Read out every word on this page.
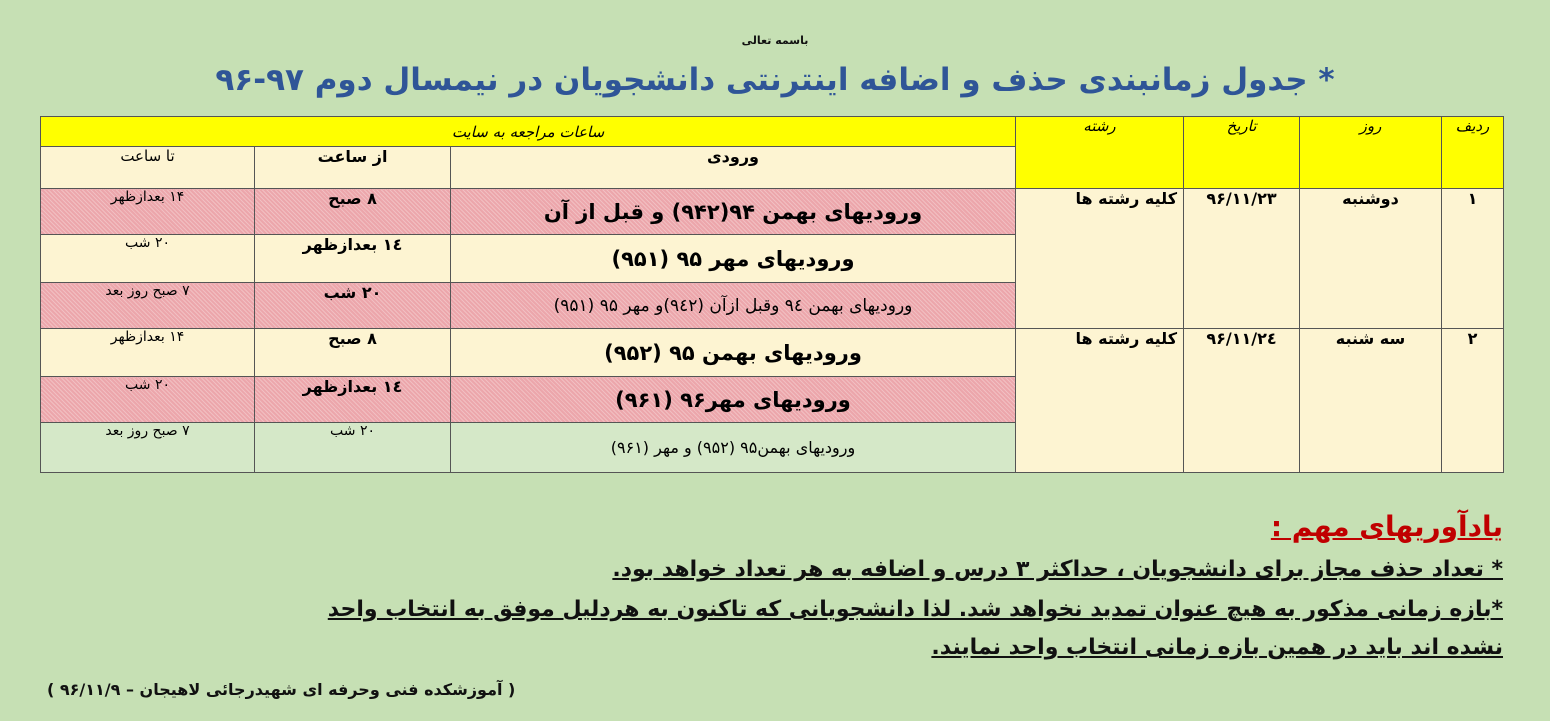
باسمه تعالی
* جدول زمانبندی حذف و اضافه اینترنتی دانشجویان در نیمسال دوم ۹۷-۹۶
ردیف	روز	تاریخ	رشته	ساعات مراجعه به سایت		
				ورودی	از ساعت	تا ساعت
۱	دوشنبه	۹۶/۱۱/۲۳	کلیه رشته ها	ورودیهای بهمن ۹۴(۹۴۲) و قبل از آن	۸ صبح	۱۴ بعدازظهر
				ورودیهای مهر ۹۵ (۹۵۱)	۱٤ بعدازظهر	۲۰ شب
				ورودیهای بهمن ۹٤ وقبل ازآن (۹٤۲)و مهر ۹۵ (۹۵۱)	۲۰ شب	۷ صبح روز بعد
۲	سه شنبه	۹۶/۱۱/۲٤	کلیه رشته ها	ورودیهای بهمن ۹۵ (۹۵۲)	۸ صبح	۱۴ بعدازظهر
				ورودیهای مهر۹۶ (۹۶۱)	۱٤ بعدازظهر	۲۰ شب
				ورودیهای بهمن۹۵ (۹۵۲) و مهر (۹۶۱)	۲۰ شب	۷ صبح روز بعد
یادآوریهای مهم :
* تعداد حذف مجاز برای دانشجویان ، حداکثر ۳ درس و اضافه به هر تعداد خواهد بود.
*بازه زمانی مذکور به هیچ عنوان تمدید نخواهد شد. لذا دانشجویانی که تاکنون به هردلیل موفق به انتخاب واحد
نشده اند باید در همین بازه زمانی انتخاب واحد نمایند.
( آموزشکده فنی وحرفه ای شهیدرجائی لاهیجان – ۹۶/۱۱/۹ )
